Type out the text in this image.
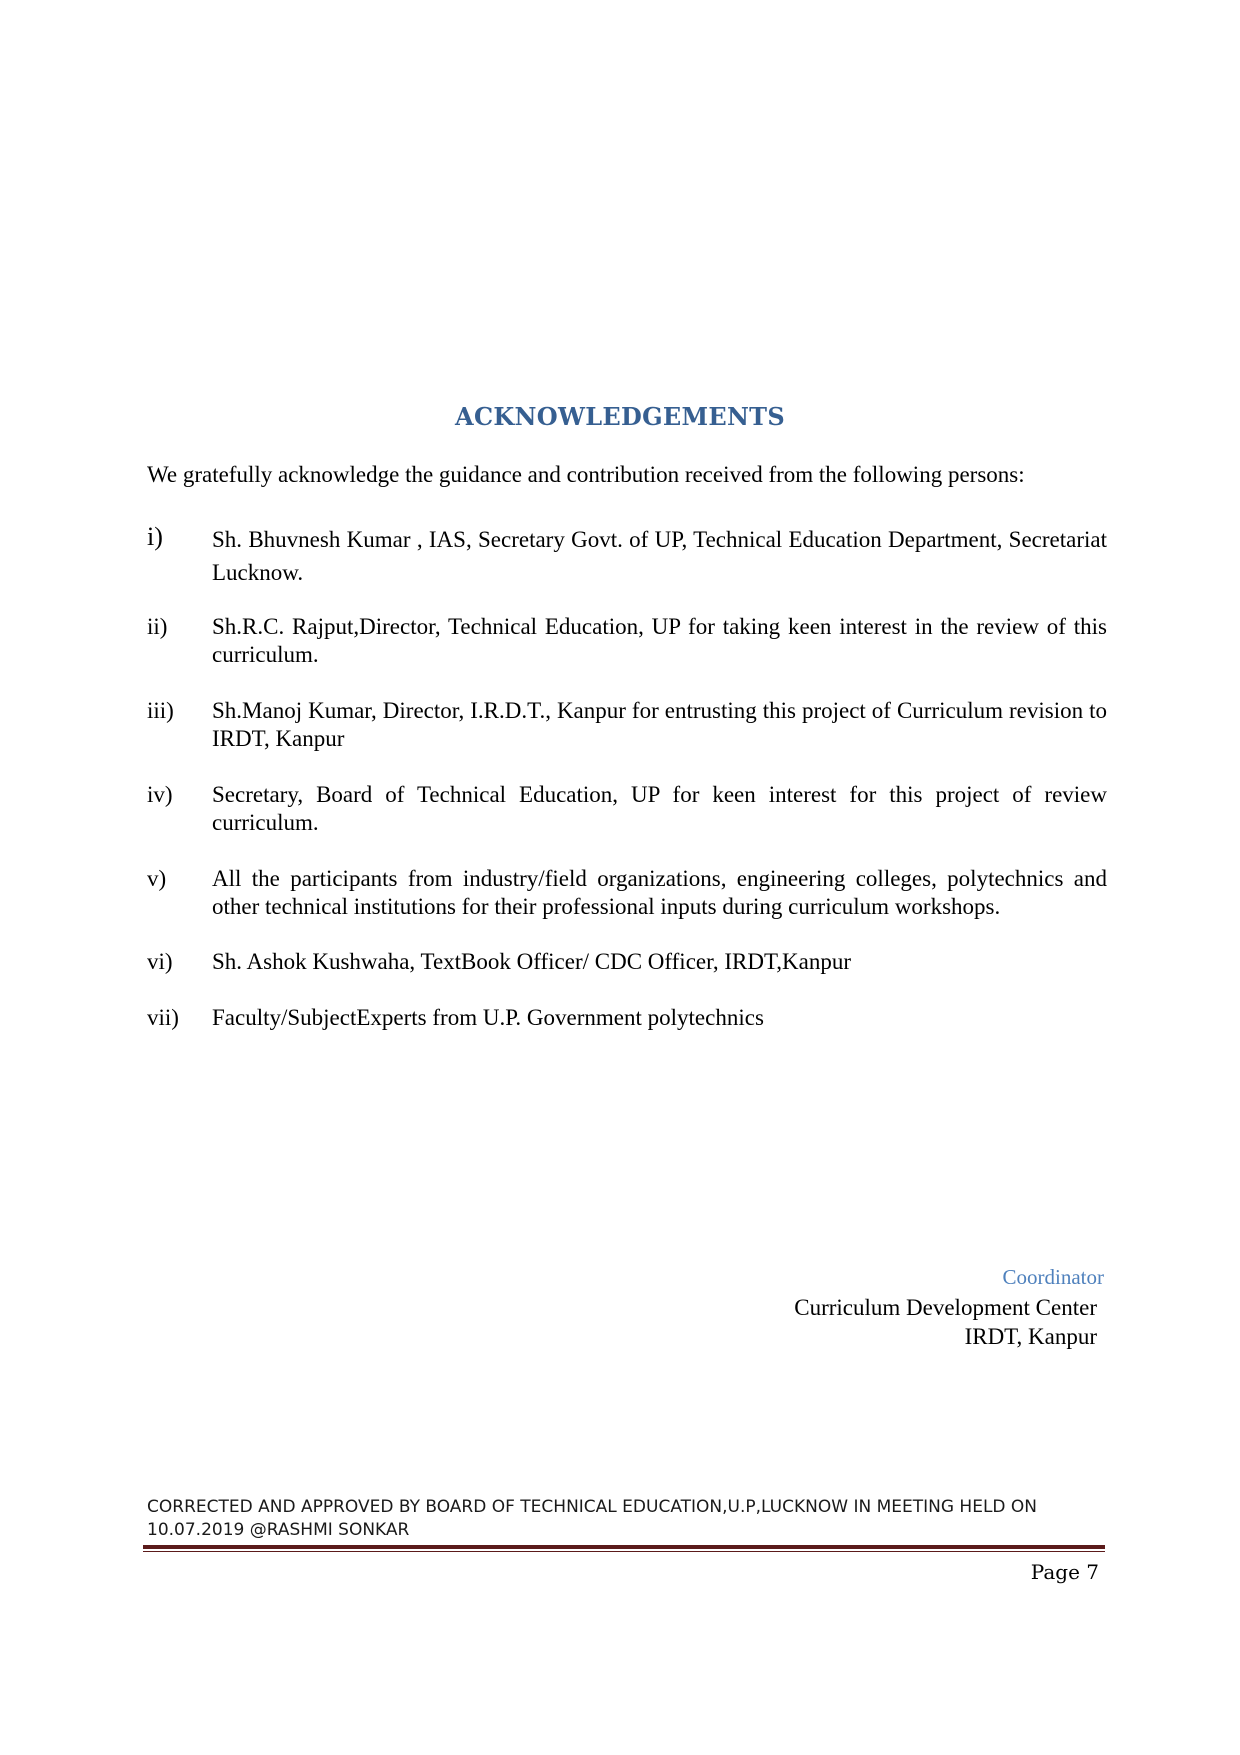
ACKNOWLEDGEMENTS

We gratefully acknowledge the guidance and contribution received from the following persons:

i) Sh. Bhuvnesh Kumar , IAS, Secretary Govt. of UP, Technical Education Department, Secretariat Lucknow.
ii) Sh.R.C. Rajput,Director, Technical Education, UP for taking keen interest in the review of this curriculum.
iii) Sh.Manoj Kumar, Director, I.R.D.T., Kanpur for entrusting this project of Curriculum revision to IRDT, Kanpur
iv) Secretary, Board of Technical Education, UP for keen interest for this project of review curriculum.
v) All the participants from industry/field organizations, engineering colleges, polytechnics and other technical institutions for their professional inputs during curriculum workshops.
vi) Sh. Ashok Kushwaha, TextBook Officer/ CDC Officer, IRDT,Kanpur
vii) Faculty/SubjectExperts from U.P. Government polytechnics
Coordinator
Curriculum Development Center
IRDT, Kanpur
CORRECTED AND APPROVED BY BOARD OF TECHNICAL EDUCATION,U.P,LUCKNOW IN MEETING HELD ON 10.07.2019 @RASHMI SONKAR
Page 7
